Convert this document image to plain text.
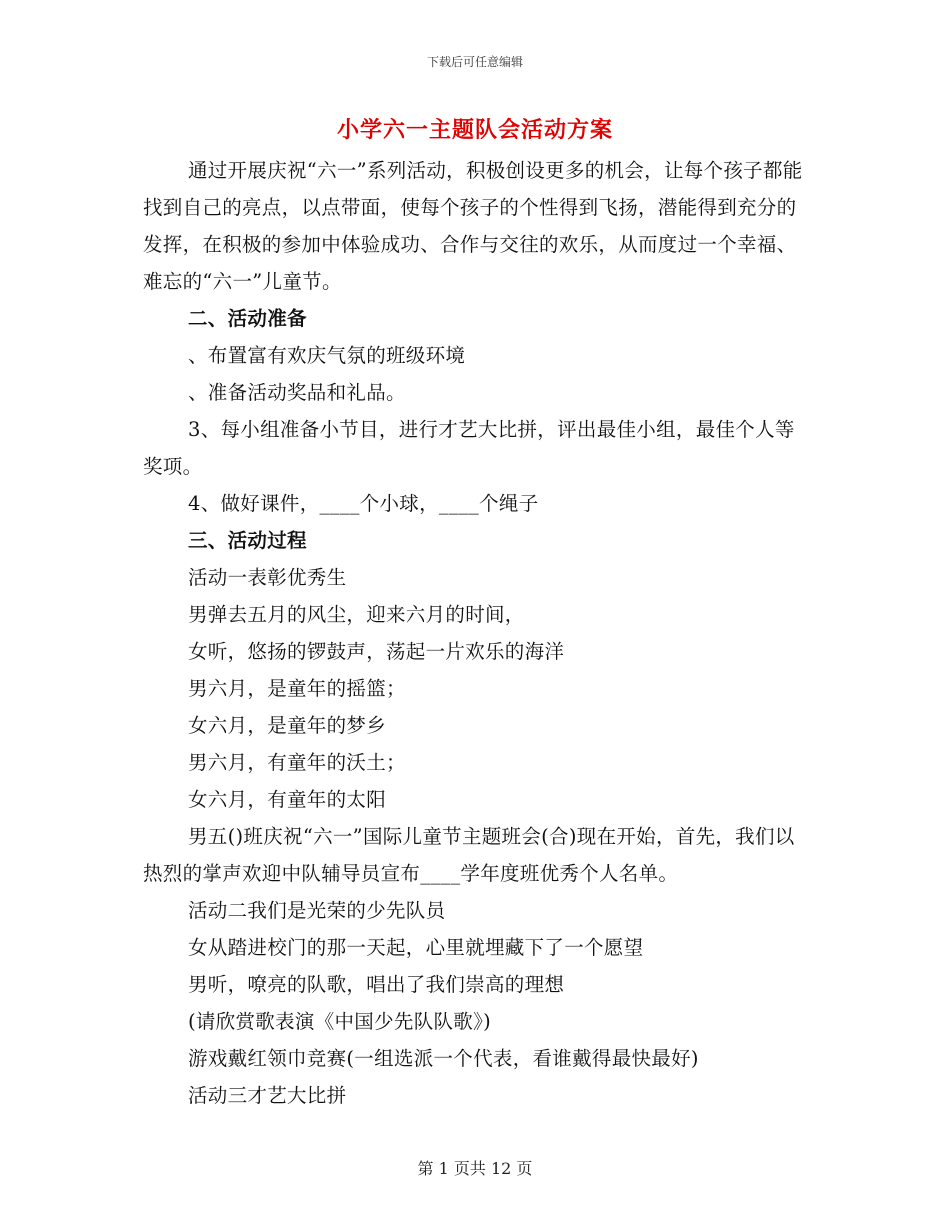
下载后可任意编辑
小学六一主题队会活动方案

通过开展庆祝“六一”系列活动，积极创设更多的机会，让每个孩子都能找到自己的亮点，以点带面，使每个孩子的个性得到飞扬，潜能得到充分的发挥，在积极的参加中体验成功、合作与交往的欢乐，从而度过一个幸福、难忘的“六一”儿童节。

二、活动准备

、布置富有欢庆气氛的班级环境

、准备活动奖品和礼品。

3、每小组准备小节目，进行才艺大比拼，评出最佳小组，最佳个人等奖项。

4、做好课件，____个小球，____个绳子

三、活动过程

活动一表彰优秀生

男弹去五月的风尘，迎来六月的时间，

女听，悠扬的锣鼓声，荡起一片欢乐的海洋

男六月，是童年的摇篮；

女六月，是童年的梦乡

男六月，有童年的沃土；

女六月，有童年的太阳

男五()班庆祝“六一”国际儿童节主题班会(合)现在开始，首先，我们以热烈的掌声欢迎中队辅导员宣布____学年度班优秀个人名单。

活动二我们是光荣的少先队员

女从踏进校门的那一天起，心里就埋藏下了一个愿望

男听，嘹亮的队歌，唱出了我们崇高的理想

(请欣赏歌表演《中国少先队队歌》)

游戏戴红领巾竞赛(一组选派一个代表，看谁戴得最快最好)

活动三才艺大比拼

第 1 页共 12 页
